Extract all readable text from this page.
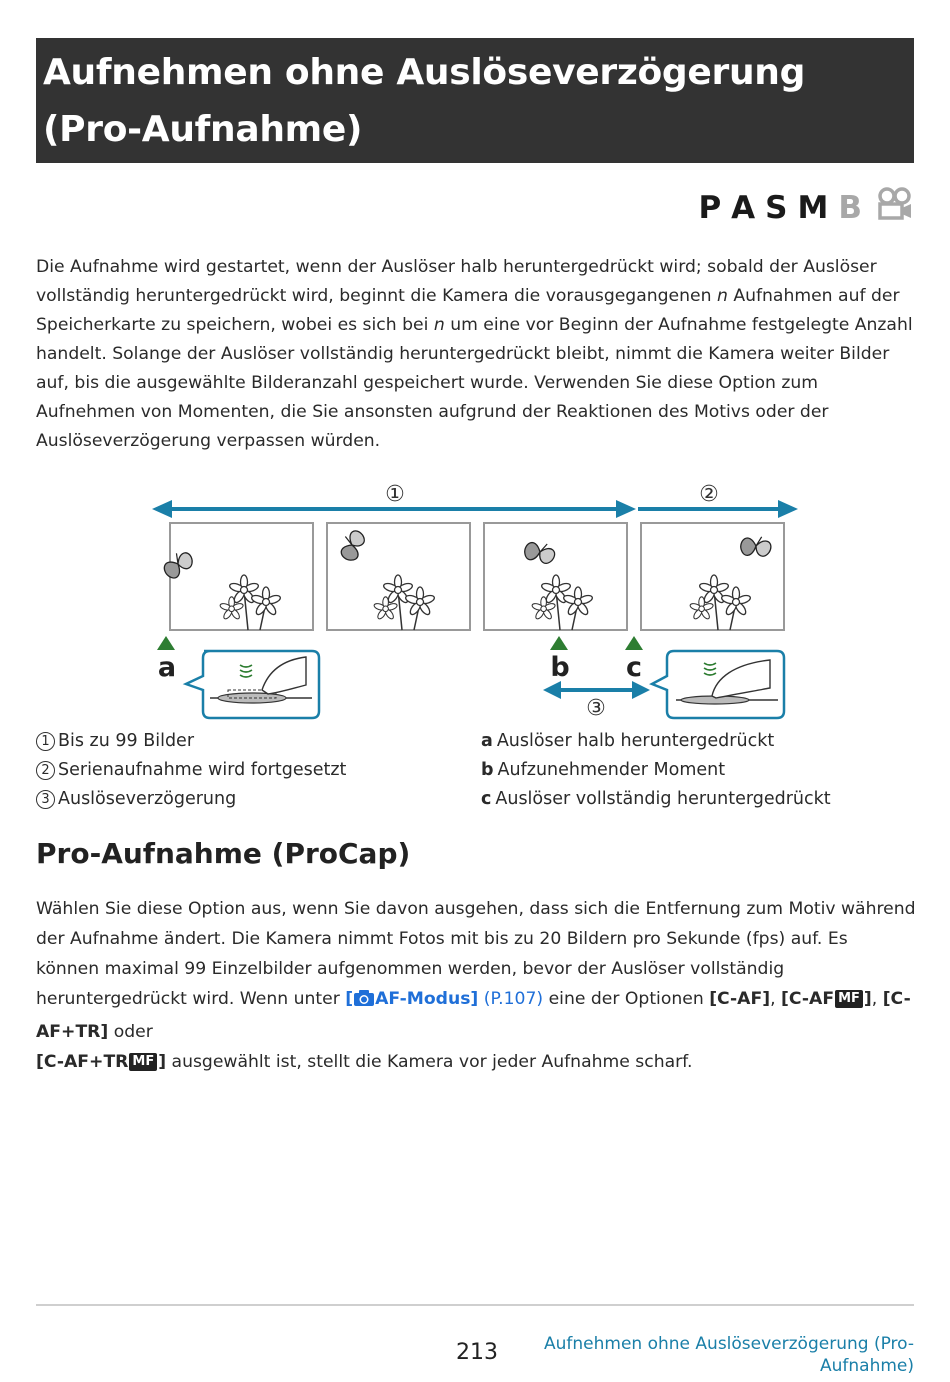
Aufnehmen ohne Auslöseverzögerung (Pro-Aufnahme)
P A S M B

Die Aufnahme wird gestartet, wenn der Auslöser halb heruntergedrückt wird; sobald der Auslöser vollständig heruntergedrückt wird, beginnt die Kamera die vorausgegangenen n Aufnahmen auf der Speicherkarte zu speichern, wobei es sich bei n um eine vor Beginn der Aufnahme festgelegte Anzahl handelt. Solange der Auslöser vollständig heruntergedrückt bleibt, nimmt die Kamera weiter Bilder auf, bis die ausgewählte Bilderanzahl gespeichert wurde. Verwenden Sie diese Option zum Aufnehmen von Momenten, die Sie ansonsten aufgrund der Reaktionen des Motivs oder der Auslöseverzögerung verpassen würden.

①	②
a	b c
③
1 Bis zu 99 Bilder
2 Serienaufnahme wird fortgesetzt
3 Auslöseverzögerung
a Auslöser halb heruntergedrückt
b Aufzunehmender Moment
c Auslöser vollständig heruntergedrückt
Pro-Aufnahme (ProCap)

Wählen Sie diese Option aus, wenn Sie davon ausgehen, dass sich die Entfernung zum Motiv während der Aufnahme ändert. Die Kamera nimmt Fotos mit bis zu 20 Bildern pro Sekunde (fps) auf. Es können maximal 99 Einzelbilder aufgenommen werden, bevor der Auslöser vollständig heruntergedrückt wird. Wenn unter [ AF-Modus] (P.107) eine der Optionen [C-AF], [C-AF MF ], [C-AF+TR] oder
[C-AF+TR MF ] ausgewählt ist, stellt die Kamera vor jeder Aufnahme scharf.

213	Aufnehmen ohne Auslöseverzögerung (Pro-Aufnahme)
